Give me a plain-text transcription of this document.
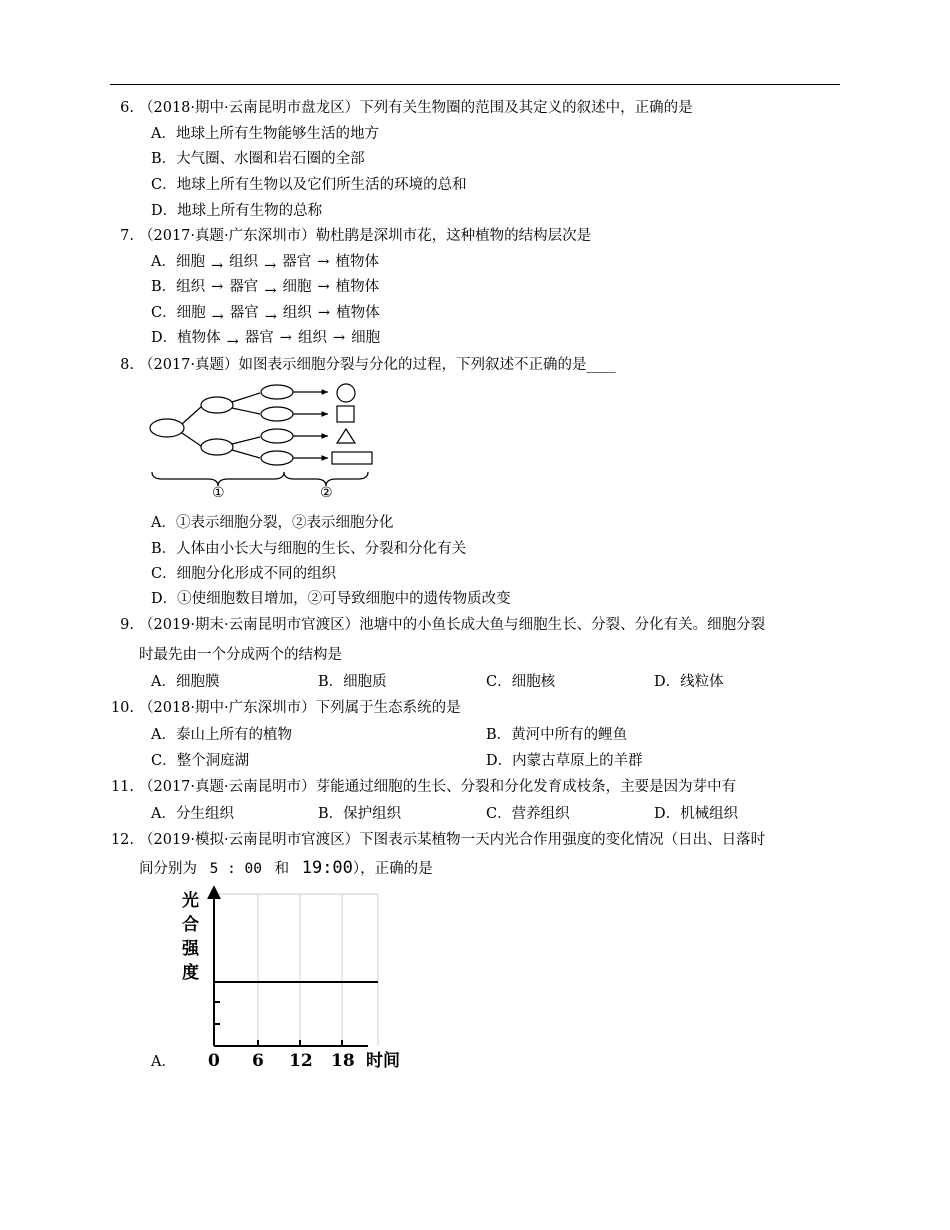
6. （2018·期中·云南昆明市盘龙区）下列有关生物圈的范围及其定义的叙述中，正确的是
A．地球上所有生物能够生活的地方
B．大气圈、水圈和岩石圈的全部
C．地球上所有生物以及它们所生活的环境的总和
D．地球上所有生物的总称
7. （2017·真题·广东深圳市）勒杜鹃是深圳市花，这种植物的结构层次是
A．细胞 → 组织 → 器官 → 植物体
B．组织 → 器官 → 细胞 → 植物体
C．细胞 → 器官 → 组织 → 植物体
D．植物体 → 器官 → 组织 → 细胞
8. （2017·真题）如图表示细胞分裂与分化的过程，下列叙述不正确的是____
①	②
A．①表示细胞分裂，②表示细胞分化
B．人体由小长大与细胞的生长、分裂和分化有关
C．细胞分化形成不同的组织
D．①使细胞数目增加，②可导致细胞中的遗传物质改变
9. （2019·期末·云南昆明市官渡区）池塘中的小鱼长成大鱼与细胞生长、分裂、分化有关。细胞分裂
时最先由一个分成两个的结构是
A．细胞膜	B．细胞质	C．细胞核	D．线粒体
10. （2018·期中·广东深圳市）下列属于生态系统的是
A．泰山上所有的植物	B．黄河中所有的鲤鱼
C．整个洞庭湖	D．内蒙古草原上的羊群
11. （2017·真题·云南昆明市）芽能通过细胞的生长、分裂和分化发育成枝条，主要是因为芽中有
A．分生组织	B．保护组织	C．营养组织	D．机械组织
12. （2019·模拟·云南昆明市官渡区）下图表示某植物一天内光合作用强度的变化情况（日出、日落时
间分别为 5 : 00 和 19:00），正确的是
A．
光
合
强
度
0 6 12 18 时间
